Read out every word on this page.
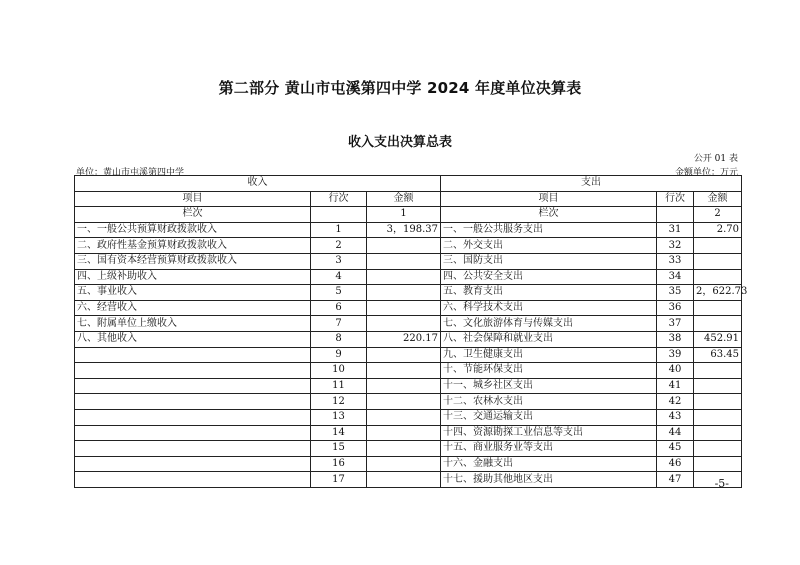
第二部分 黄山市屯溪第四中学 2024 年度单位决算表
收入支出决算总表
公开 01 表
单位：黄山市屯溪第四中学	金额单位：万元
收入			支出		
项目	行次	金额	项目	行次	金额
栏次		1	栏次		2
一、一般公共预算财政拨款收入	1	3，198.37	一、一般公共服务支出	31	2.70
二、政府性基金预算财政拨款收入	2		二、外交支出	32	
三、国有资本经营预算财政拨款收入	3		三、国防支出	33	
四、上级补助收入	4		四、公共安全支出	34	
五、事业收入	5		五、教育支出	35	2，622.73
六、经营收入	6		六、科学技术支出	36	
七、附属单位上缴收入	7		七、文化旅游体育与传媒支出	37	
八、其他收入	8	220.17	八、社会保障和就业支出	38	452.91
	9		九、卫生健康支出	39	63.45
	10		十、节能环保支出	40	
	11		十一、城乡社区支出	41	
	12		十二、农林水支出	42	
	13		十三、交通运输支出	43	
	14		十四、资源勘探工业信息等支出	44	
	15		十五、商业服务业等支出	45	
	16		十六、金融支出	46	
	17		十七、援助其他地区支出	47		-5-
